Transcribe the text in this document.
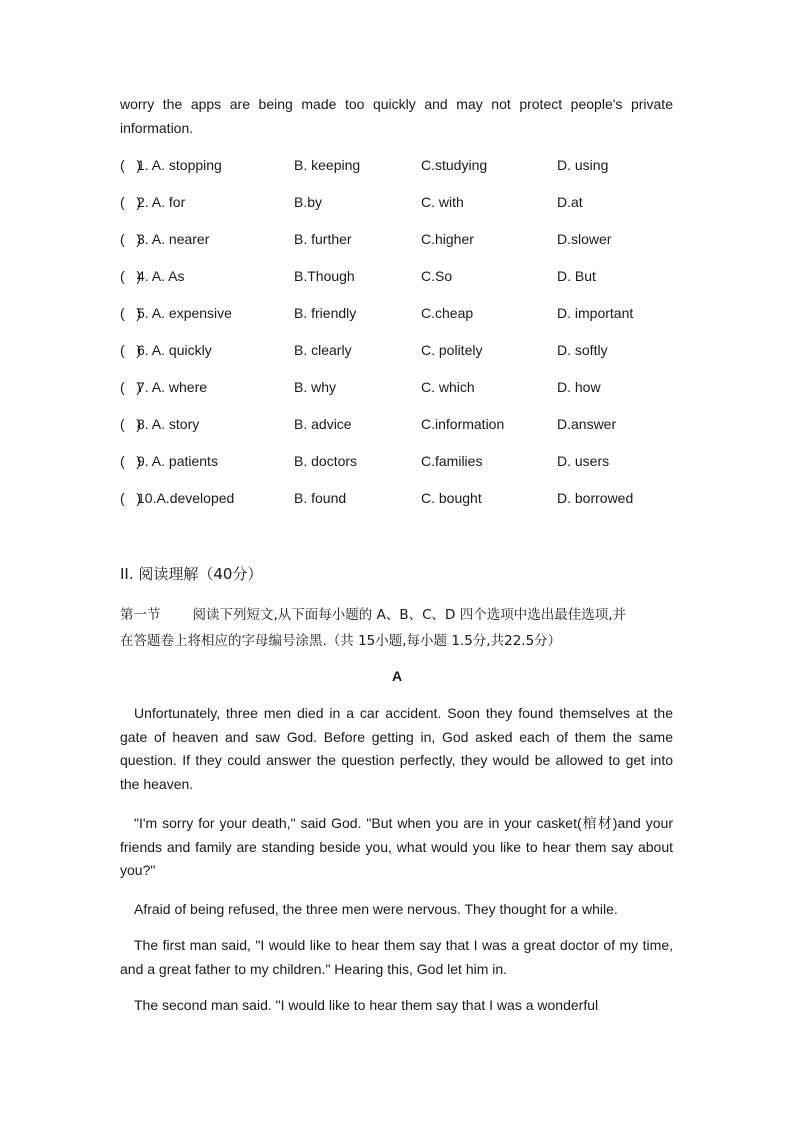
worry the apps are being made too quickly and may not protect people's private information.

(   )
1. A. stopping	B. keeping	C.studying	D. using
(   )
2. A. for	B.by	C. with	D.at
(   )
3. A. nearer	B. further	C.higher	D.slower
(   )
4. A. As	B.Though	C.So	D. But
(   )
5. A. expensive	B. friendly	C.cheap	D. important
(   )
6. A. quickly	B. clearly	C. politely	D. softly
(   )
7. A. where	B. why	C. which	D. how
(   )
8. A. story	B. advice	C.information	D.answer
(   )
9. A. patients	B. doctors	C.families	D. users
(   )
10.A.developed	B. found	C. bought	D. borrowed
II. 阅读理解（40分）
第一节 阅读下列短文,从下面每小题的 A、B、C、D 四个选项中选出最佳选项,并
在答题卷上将相应的字母编号涂黑.（共 15小题,每小题 1.5分,共22.5分）
A

Unfortunately, three men died in a car accident. Soon they found themselves at the gate of heaven and saw God. Before getting in, God asked each of them the same question. If they could answer the question perfectly, they would be allowed to get into the heaven.

"I'm sorry for your death," said God. "But when you are in your casket(棺材)and your friends and family are standing beside you, what would you like to hear them say about you?"

Afraid of being refused, the three men were nervous. They thought for a while.

The first man said, "I would like to hear them say that I was a great doctor of my time, and a great father to my children." Hearing this, God let him in.

The second man said. "I would like to hear them say that I was a wonderful
